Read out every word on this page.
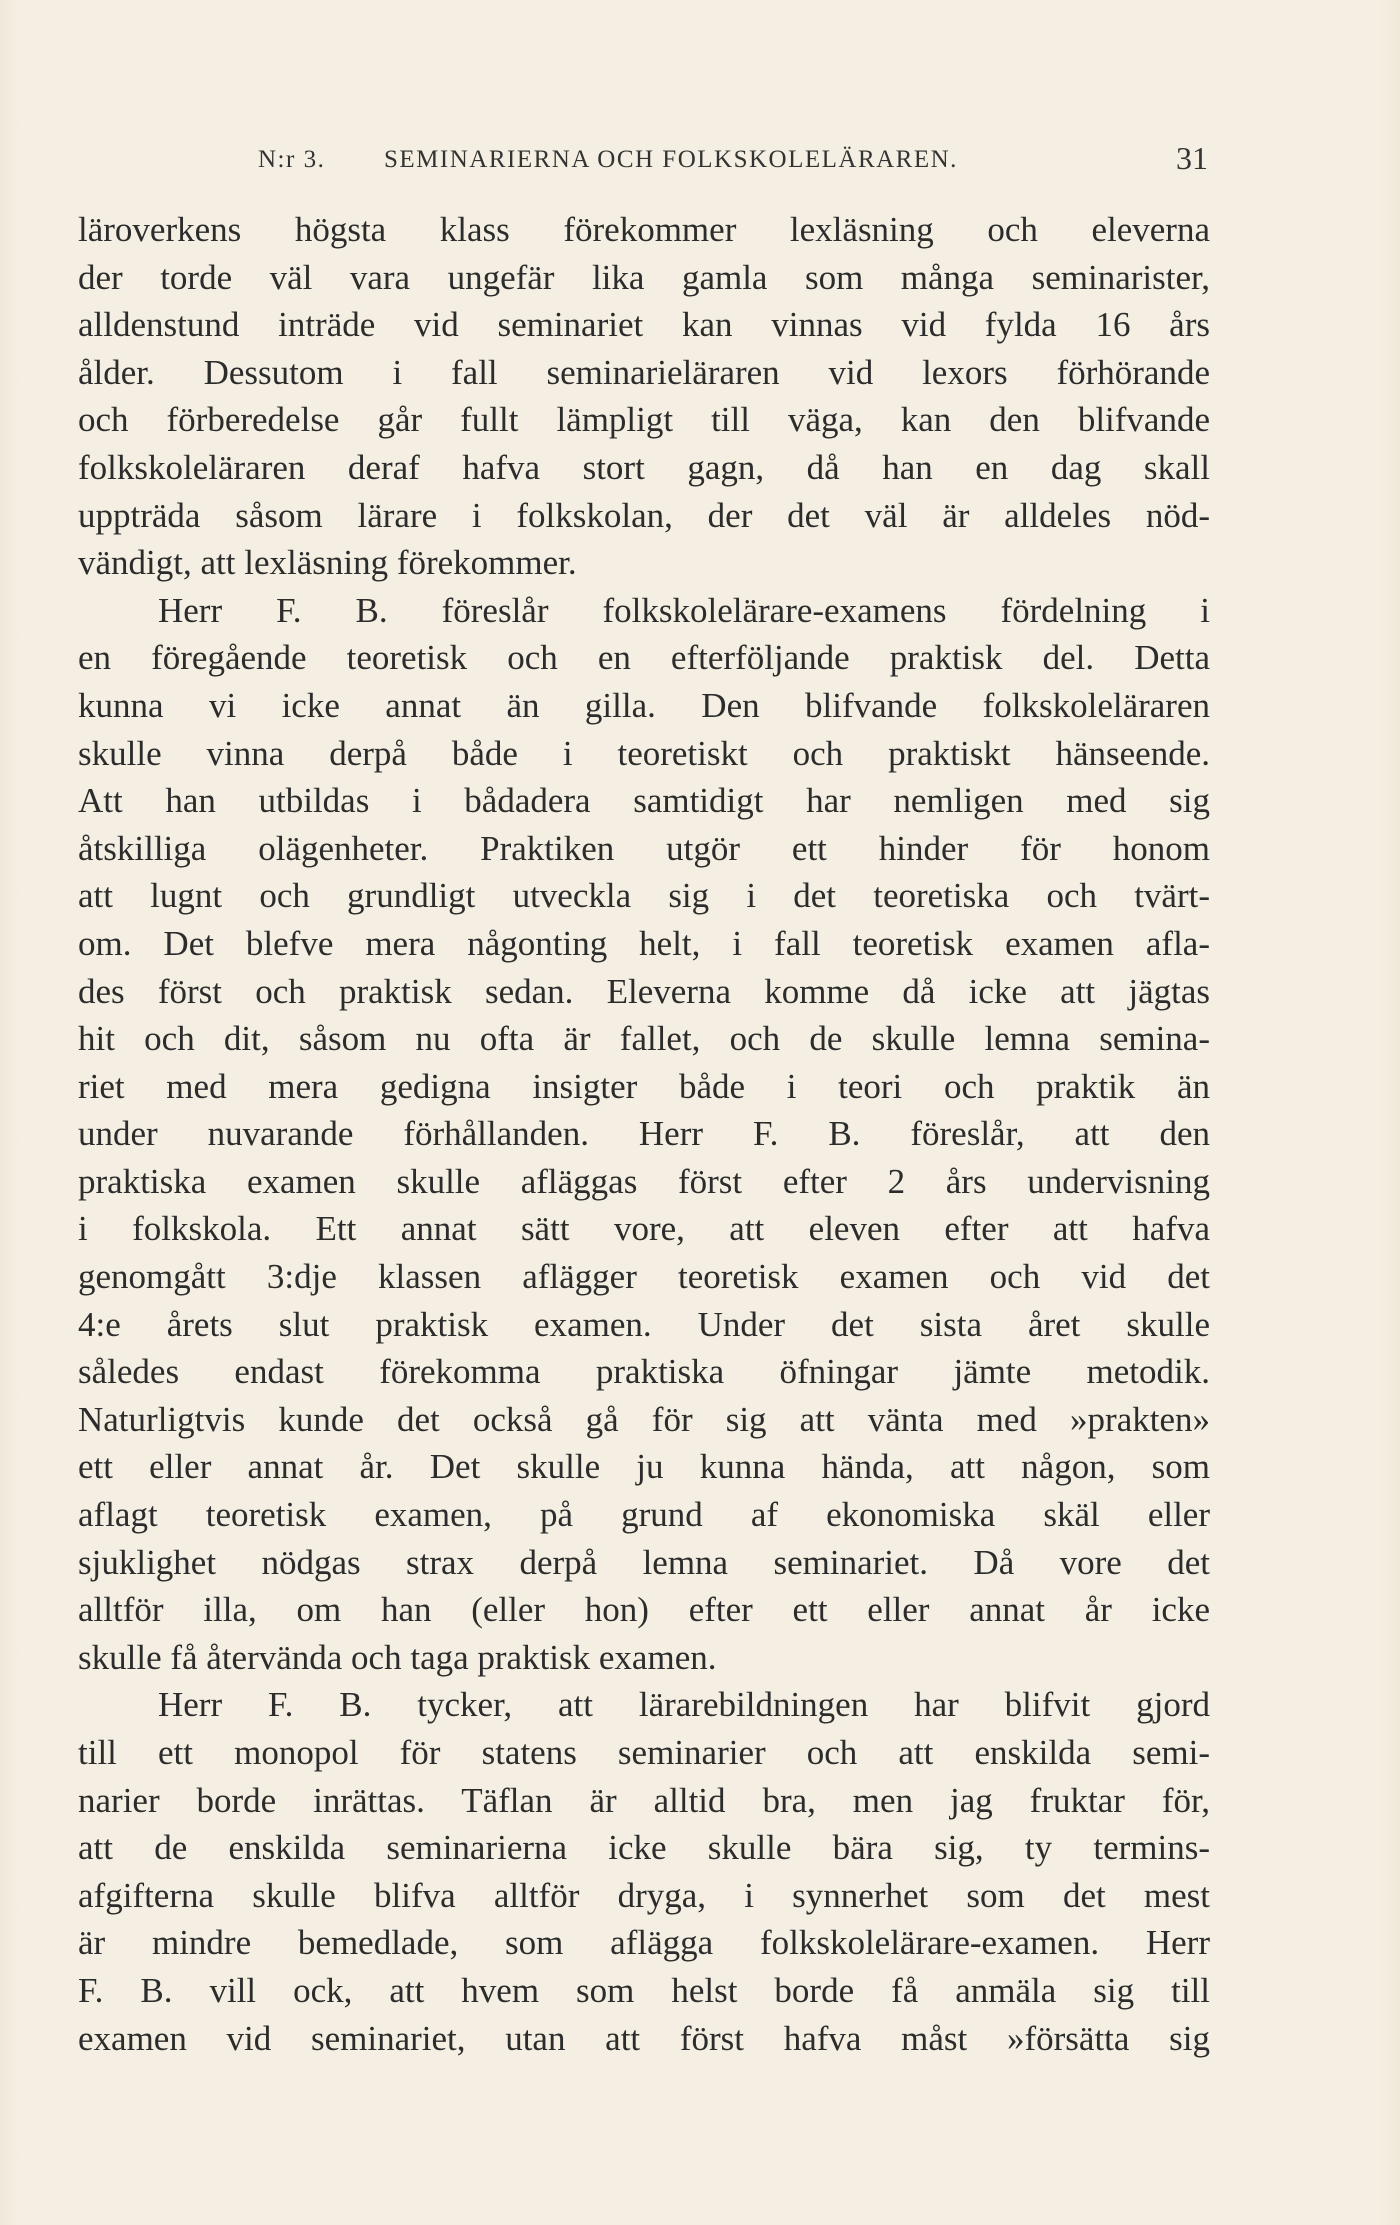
N:r 3. SEMINARIERNA OCH FOLKSKOLELÄRAREN.	31
läroverkens högsta klass förekommer lexläsning och eleverna
der torde väl vara ungefär lika gamla som många seminarister,
alldenstund inträde vid seminariet kan vinnas vid fylda 16 års
ålder. Dessutom i fall seminarieläraren vid lexors förhörande
och förberedelse går fullt lämpligt till väga, kan den blifvande
folkskoleläraren deraf hafva stort gagn, då han en dag skall
uppträda såsom lärare i folkskolan, der det väl är alldeles nöd-
vändigt, att lexläsning förekommer.
Herr F. B. föreslår folkskolelärare-examens fördelning i
en föregående teoretisk och en efterföljande praktisk del. Detta
kunna vi icke annat än gilla. Den blifvande folkskoleläraren
skulle vinna derpå både i teoretiskt och praktiskt hänseende.
Att han utbildas i bådadera samtidigt har nemligen med sig
åtskilliga olägenheter. Praktiken utgör ett hinder för honom
att lugnt och grundligt utveckla sig i det teoretiska och tvärt-
om. Det blefve mera någonting helt, i fall teoretisk examen afla-
des först och praktisk sedan. Eleverna komme då icke att jägtas
hit och dit, såsom nu ofta är fallet, och de skulle lemna semina-
riet med mera gedigna insigter både i teori och praktik än
under nuvarande förhållanden. Herr F. B. föreslår, att den
praktiska examen skulle afläggas först efter 2 års undervisning
i folkskola. Ett annat sätt vore, att eleven efter att hafva
genomgått 3:dje klassen aflägger teoretisk examen och vid det
4:e årets slut praktisk examen. Under det sista året skulle
således endast förekomma praktiska öfningar jämte metodik.
Naturligtvis kunde det också gå för sig att vänta med »prakten»
ett eller annat år. Det skulle ju kunna hända, att någon, som
aflagt teoretisk examen, på grund af ekonomiska skäl eller
sjuklighet nödgas strax derpå lemna seminariet. Då vore det
alltför illa, om han (eller hon) efter ett eller annat år icke
skulle få återvända och taga praktisk examen.
Herr F. B. tycker, att lärarebildningen har blifvit gjord
till ett monopol för statens seminarier och att enskilda semi-
narier borde inrättas. Täflan är alltid bra, men jag fruktar för,
att de enskilda seminarierna icke skulle bära sig, ty termins-
afgifterna skulle blifva alltför dryga, i synnerhet som det mest
är mindre bemedlade, som aflägga folkskolelärare-examen. Herr
F. B. vill ock, att hvem som helst borde få anmäla sig till
examen vid seminariet, utan att först hafva måst »försätta sig
